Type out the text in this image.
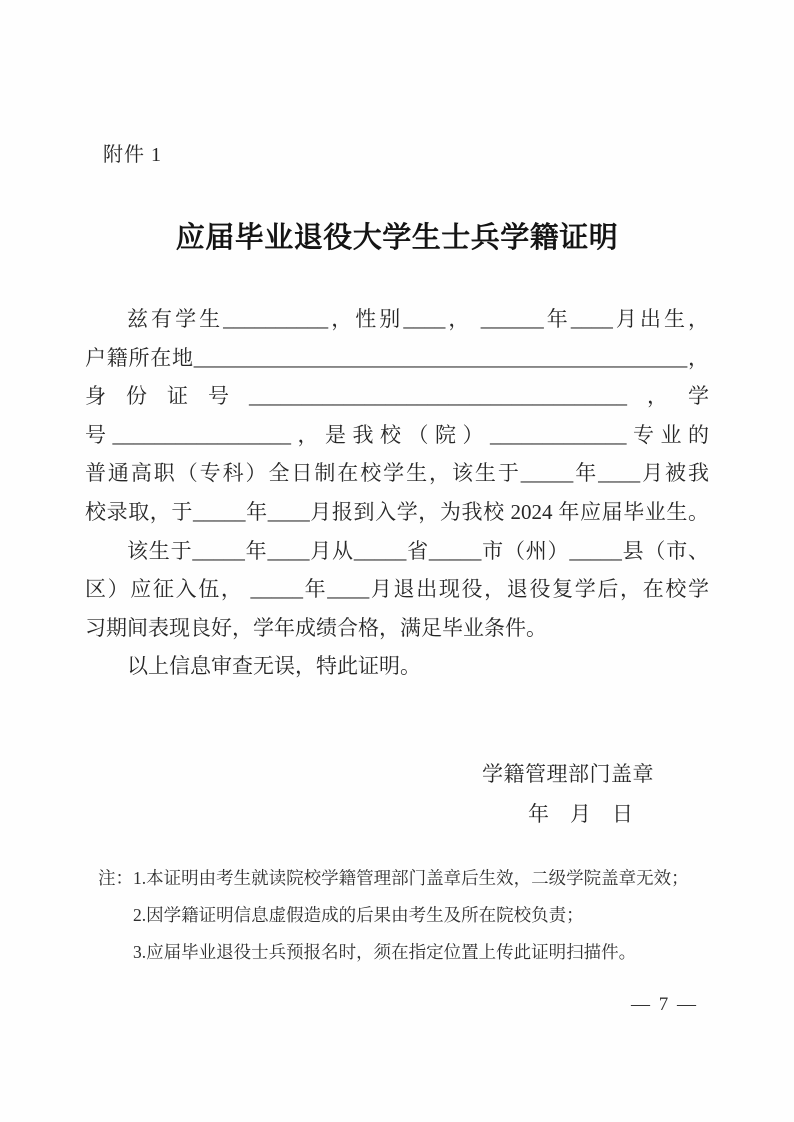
附件 1
应届毕业退役大学生士兵学籍证明
兹有学生__________，性别____， ______年____月出生，
户籍所在地_______________________________________________，
身份证号____________________________________，学
号_________________，是我校（院）_____________专业的
普通高职（专科）全日制在校学生，该生于_____年____月被我
校录取，于_____年____月报到入学，为我校 2024 年应届毕业生。
该生于_____年____月从_____省_____市（州）_____县（市、
区）应征入伍， _____年____月退出现役，退役复学后，在校学
习期间表现良好，学年成绩合格，满足毕业条件。
以上信息审查无误，特此证明。
学籍管理部门盖章
年　月　日
注：1.本证明由考生就读院校学籍管理部门盖章后生效，二级学院盖章无效；
2.因学籍证明信息虚假造成的后果由考生及所在院校负责；
3.应届毕业退役士兵预报名时，须在指定位置上传此证明扫描件。
— 7 —
